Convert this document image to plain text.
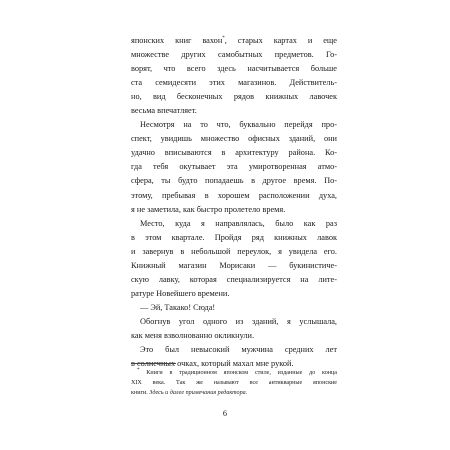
японских книг вахон*, старых картах и еще
множестве других самобытных предметов. Го-
ворят, что всего здесь насчитывается больше
ста семидесяти этих магазинов. Действитель-
но, вид бесконечных рядов книжных лавочек
весьма впечатляет.

Несмотря на то что, буквально перейдя про-
спект, увидишь множество офисных зданий, они
удачно вписываются в архитектуру района. Ко-
гда тебя окутывает эта умиротворенная атмо-
сфера, ты будто попадаешь в другое время. По-
этому, пребывая в хорошем расположении духа,
я не заметила, как быстро пролетело время.

Место, куда я направлялась, было как раз
в этом квартале. Пройдя ряд книжных лавок
и завернув в небольшой переулок, я увидела его.
Книжный магазин Морисаки — букинистиче-
скую лавку, которая специализируется на лите-
ратуре Новейшего времени.

— Эй, Такако! Сюда!

Обогнув угол одного из зданий, я услышала,
как меня взволнованно окликнули.

Это был невысокий мужчина средних лет
в солнечных очках, который махал мне рукой.

* Книги в традиционном японском стиле, изданные до конца
XIX века. Так же называют все антикварные японские
книги. Здесь и далее примечания редактора.
6
